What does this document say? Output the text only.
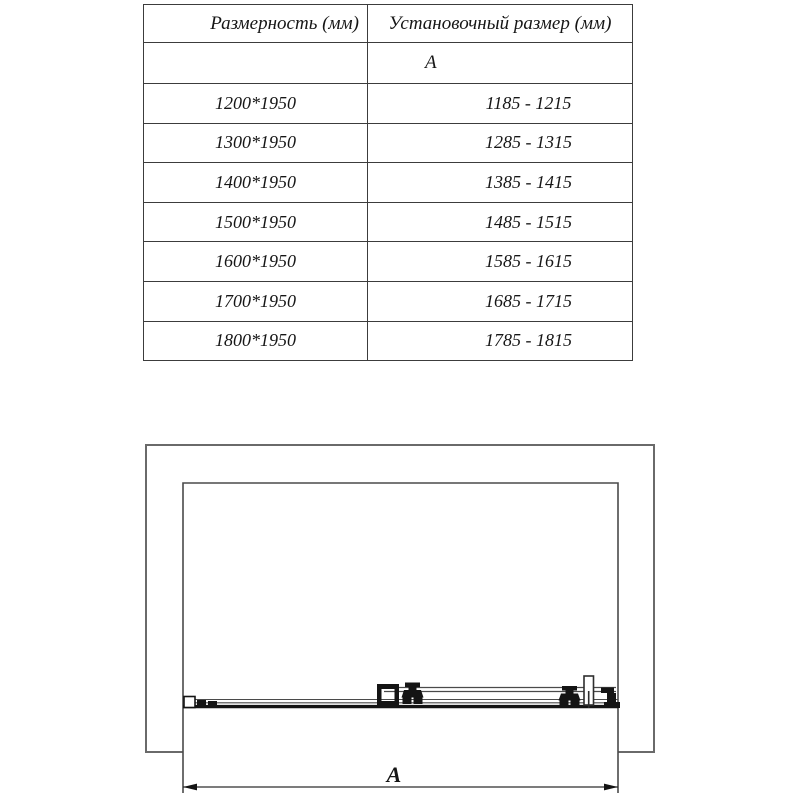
Размерность (мм)	Установочный размер (мм)
	А
1200*1950	1185 - 1215
1300*1950	1285 - 1315
1400*1950	1385 - 1415
1500*1950	1485 - 1515
1600*1950	1585 - 1615
1700*1950	1685 - 1715
1800*1950	1785 - 1815
А
